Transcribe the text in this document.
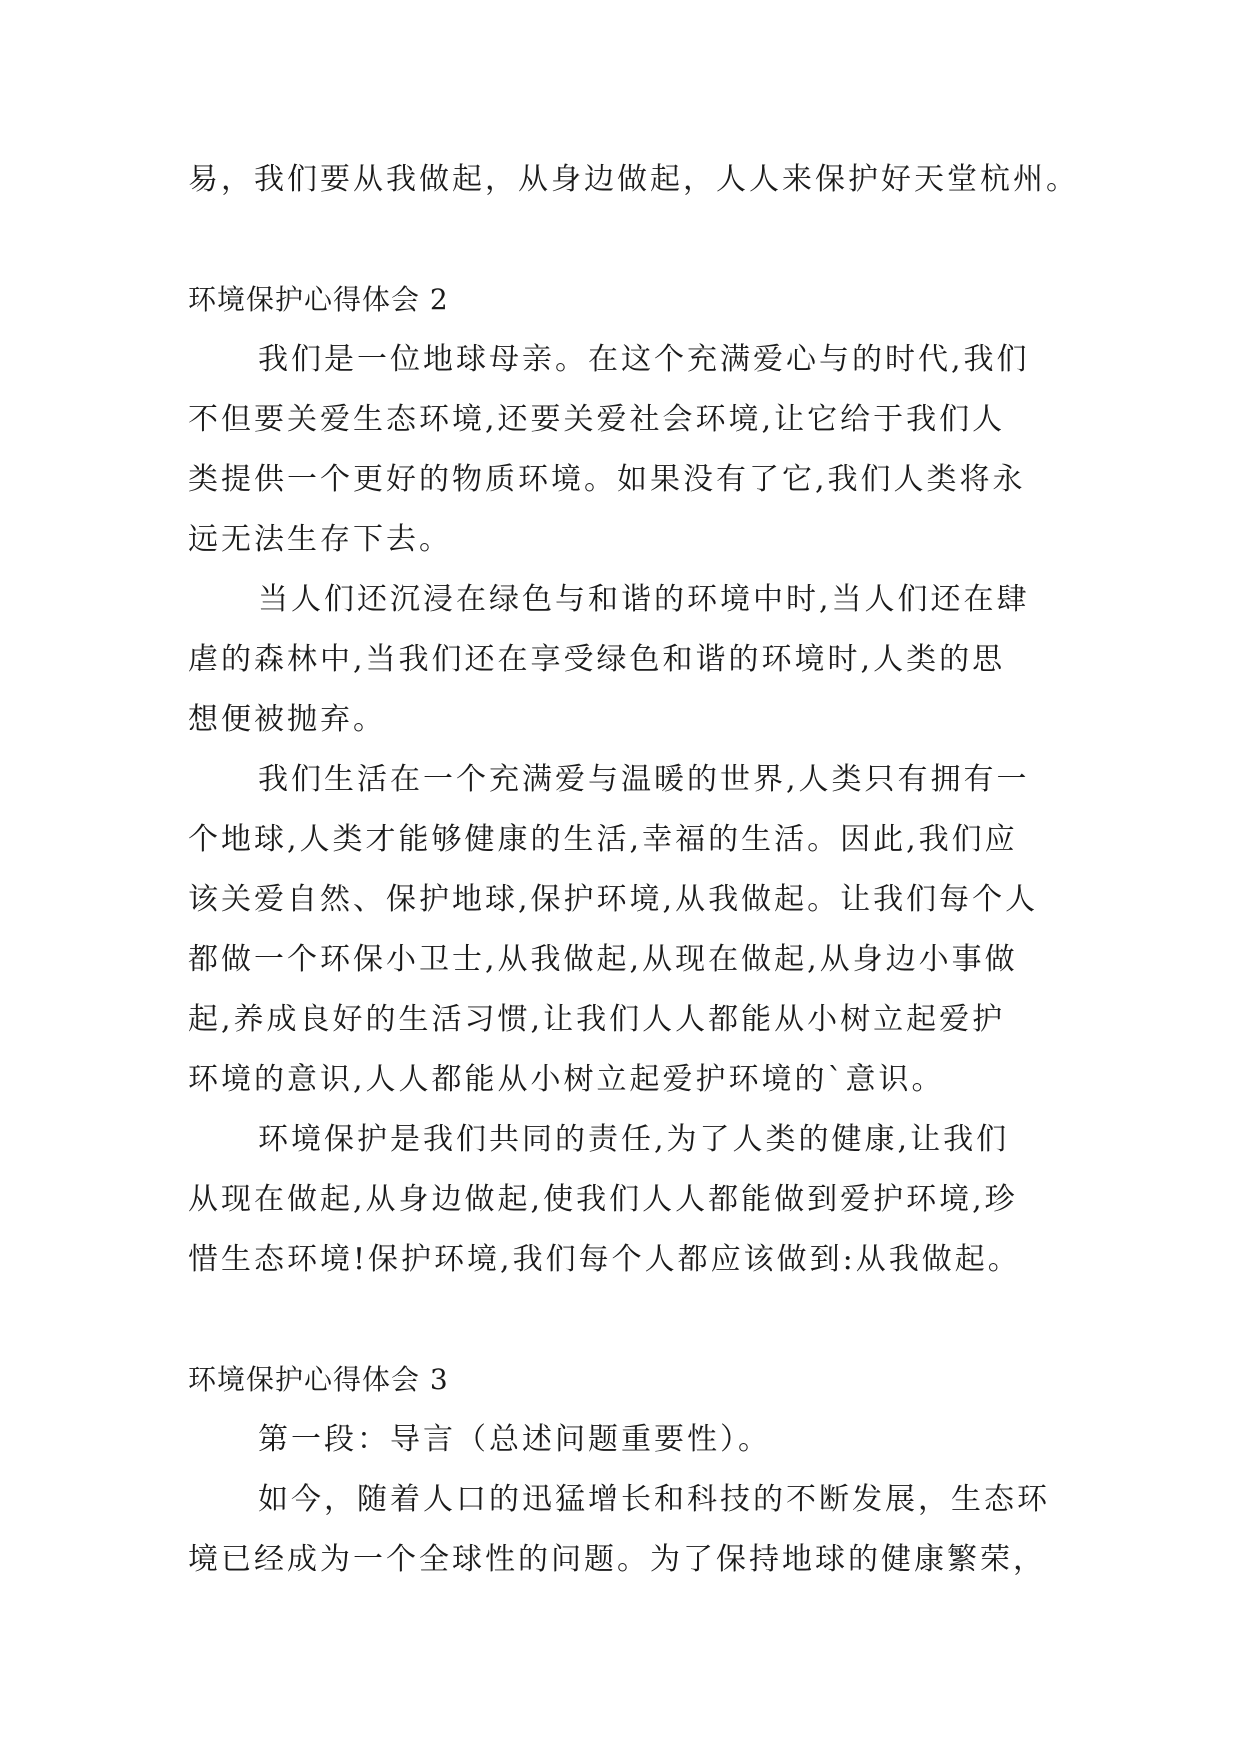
易，我们要从我做起，从身边做起，人人来保护好天堂杭州。
环境保护心得体会 2
我们是一位地球母亲。在这个充满爱心与的时代,我们
不但要关爱生态环境,还要关爱社会环境,让它给于我们人
类提供一个更好的物质环境。如果没有了它,我们人类将永
远无法生存下去。
当人们还沉浸在绿色与和谐的环境中时,当人们还在肆
虐的森林中,当我们还在享受绿色和谐的环境时,人类的思
想便被抛弃。
我们生活在一个充满爱与温暖的世界,人类只有拥有一
个地球,人类才能够健康的生活,幸福的生活。因此,我们应
该关爱自然、保护地球,保护环境,从我做起。让我们每个人
都做一个环保小卫士,从我做起,从现在做起,从身边小事做
起,养成良好的生活习惯,让我们人人都能从小树立起爱护
环境的意识,人人都能从小树立起爱护环境的`意识。
环境保护是我们共同的责任,为了人类的健康,让我们
从现在做起,从身边做起,使我们人人都能做到爱护环境,珍
惜生态环境!保护环境,我们每个人都应该做到:从我做起。
环境保护心得体会 3
第一段：导言（总述问题重要性）。
如今，随着人口的迅猛增长和科技的不断发展，生态环
境已经成为一个全球性的问题。为了保持地球的健康繁荣，
